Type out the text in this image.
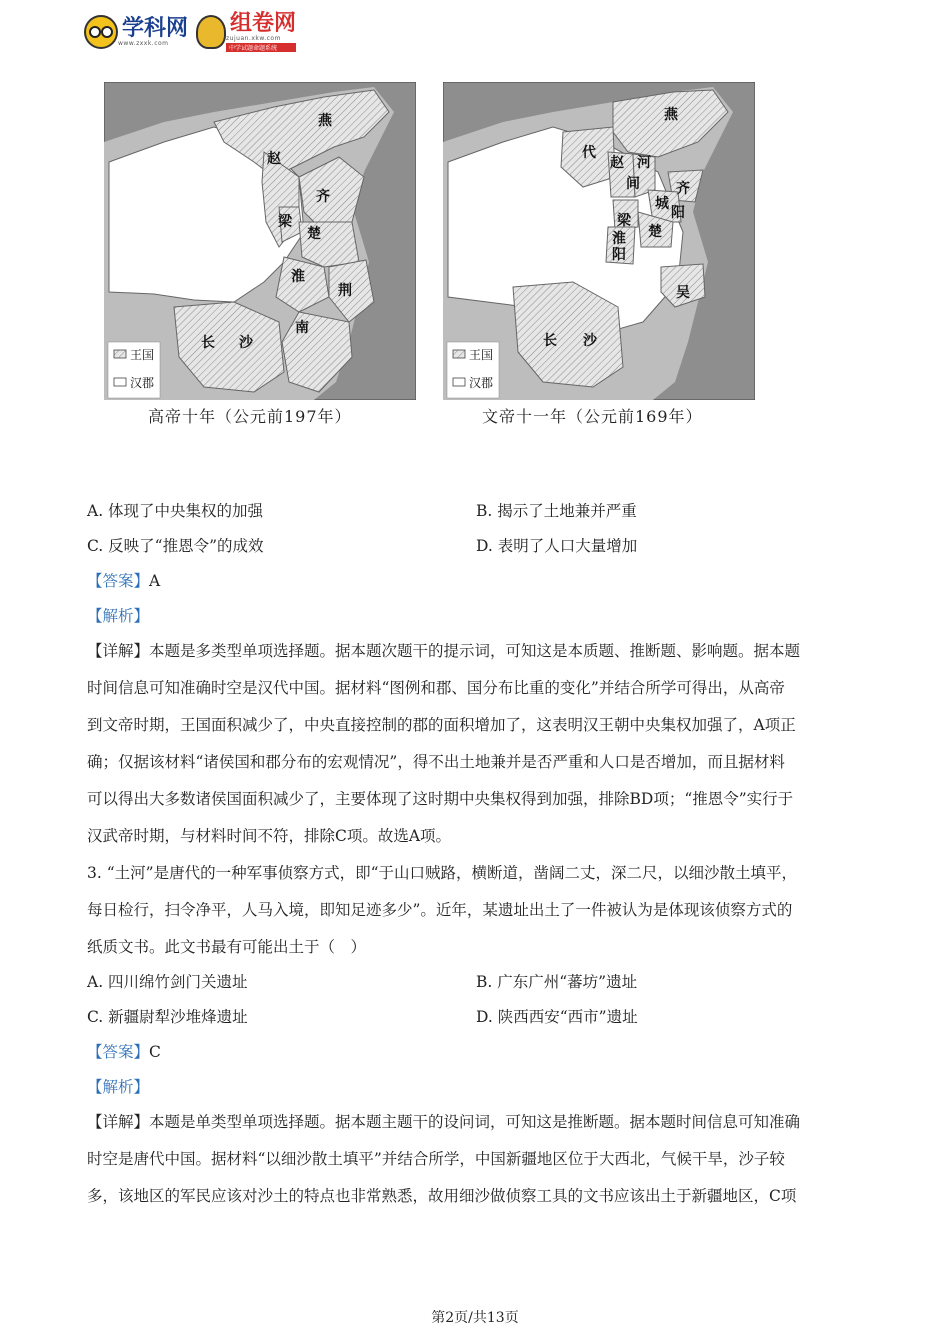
学科网
www.zxxk.com
组卷网
zujuan.xkw.com
中学试题命题系统
燕
赵
齐
梁
楚
淮
荆
南
长 沙
王国
汉郡
高帝十年（公元前197年）
燕
代
赵 河
间	齐
城
阳
梁
淮
阳
楚
吴
长 沙
王国
汉郡
文帝十一年（公元前169年）
A. 体现了中央集权的加强	B. 揭示了土地兼并严重
C. 反映了“推恩令”的成效	D. 表明了人口大量增加
【答案】A
【解析】
【详解】本题是多类型单项选择题。据本题次题干的提示词，可知这是本质题、推断题、影响题。据本题
时间信息可知准确时空是汉代中国。据材料“图例和郡、国分布比重的变化”并结合所学可得出，从高帝
到文帝时期，王国面积减少了，中央直接控制的郡的面积增加了，这表明汉王朝中央集权加强了，A项正
确；仅据该材料“诸侯国和郡分布的宏观情况”，得不出土地兼并是否严重和人口是否增加，而且据材料
可以得出大多数诸侯国面积减少了，主要体现了这时期中央集权得到加强，排除BD项；“推恩令”实行于
汉武帝时期，与材料时间不符，排除C项。故选A项。
3. “土河”是唐代的一种军事侦察方式，即“于山口贼路，横断道，凿阔二丈，深二尺，以细沙散土填平，
每日检行，扫令净平，人马入境，即知足迹多少”。近年，某遗址出土了一件被认为是体现该侦察方式的
纸质文书。此文书最有可能出土于（　）
A. 四川绵竹剑门关遗址	B. 广东广州“蕃坊”遗址
C. 新疆尉犁沙堆烽遗址	D. 陕西西安“西市”遗址
【答案】C
【解析】
【详解】本题是单类型单项选择题。据本题主题干的设问词，可知这是推断题。据本题时间信息可知准确
时空是唐代中国。据材料“以细沙散土填平”并结合所学，中国新疆地区位于大西北，气候干旱，沙子较
多，该地区的军民应该对沙土的特点也非常熟悉，故用细沙做侦察工具的文书应该出土于新疆地区，C项
第2页/共13页
